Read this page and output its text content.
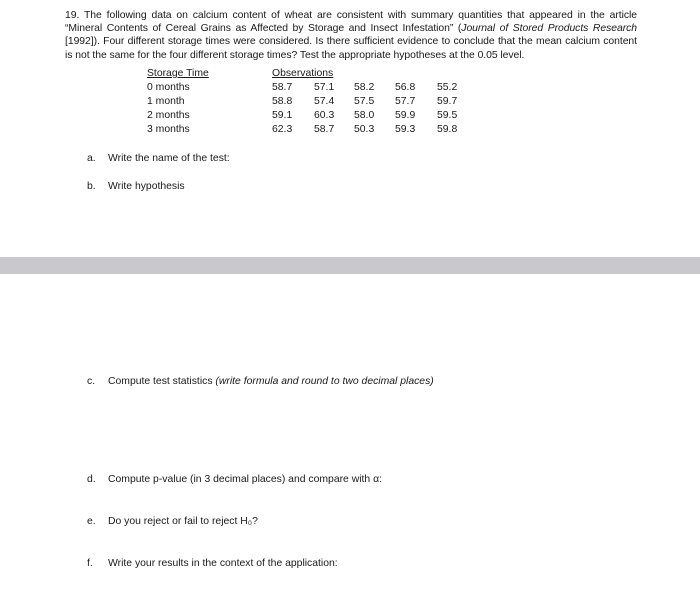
19. The following data on calcium content of wheat are consistent with summary quantities that appeared in the article “Mineral Contents of Cereal Grains as Affected by Storage and Insect Infestation” (Journal of Stored Products Research [1992]). Four different storage times were considered. Is there sufficient evidence to conclude that the mean calcium content is not the same for the four different storage times? Test the appropriate hypotheses at the 0.05 level.
Storage Time	Observations
0 months	58.7	57.1	58.2	56.8	55.2
1 month	58.8	57.4	57.5	57.7	59.7
2 months	59.1	60.3	58.0	59.9	59.5
3 months	62.3	58.7	50.3	59.3	59.8
a. Write the name of the test:
b. Write hypothesis
c. Compute test statistics (write formula and round to two decimal places)
d. Compute p-value (in 3 decimal places) and compare with α:
e. Do you reject or fail to reject H₀?
f. Write your results in the context of the application:
